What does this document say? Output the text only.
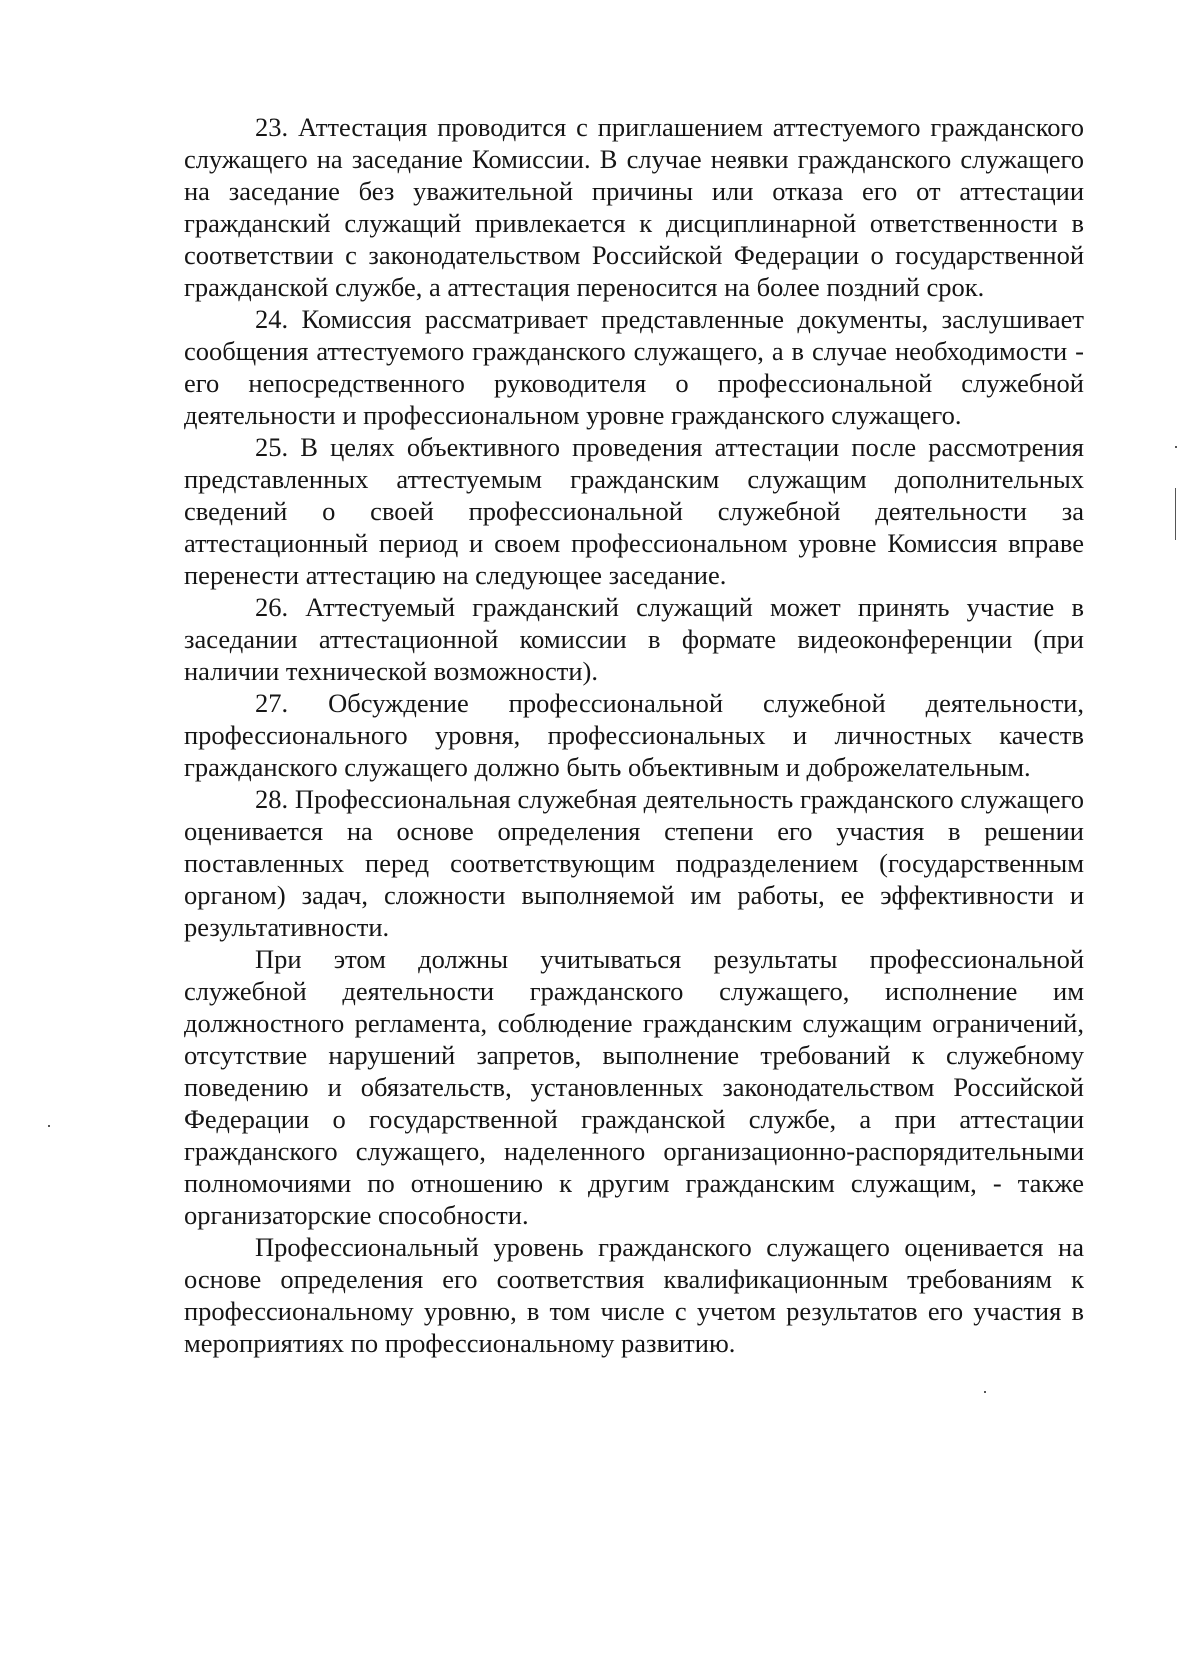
23. Аттестация проводится с приглашением аттестуемого гражданского служащего на заседание Комиссии. В случае неявки гражданского служащего на заседание без уважительной причины или отказа его от аттестации гражданский служащий привлекается к дисциплинарной ответственности в соответствии с законодательством Российской Федерации о государственной гражданской службе, а аттестация переносится на более поздний срок.

24. Комиссия рассматривает представленные документы, заслушивает сообщения аттестуемого гражданского служащего, а в случае необходимости - его непосредственного руководителя о профессиональной служебной деятельности и профессиональном уровне гражданского служащего.

25. В целях объективного проведения аттестации после рассмотрения представленных аттестуемым гражданским служащим дополнительных сведений о своей профессиональной служебной деятельности за аттестационный период и своем профессиональном уровне Комиссия вправе перенести аттестацию на следующее заседание.

26. Аттестуемый гражданский служащий может принять участие в заседании аттестационной комиссии в формате видеоконференции (при наличии технической возможности).

27. Обсуждение профессиональной служебной деятельности, профессионального уровня, профессиональных и личностных качеств гражданского служащего должно быть объективным и доброжелательным.

28. Профессиональная служебная деятельность гражданского служащего оценивается на основе определения степени его участия в решении поставленных перед соответствующим подразделением (государственным органом) задач, сложности выполняемой им работы, ее эффективности и результативности.

При этом должны учитываться результаты профессиональной служебной деятельности гражданского служащего, исполнение им должностного регламента, соблюдение гражданским служащим ограничений, отсутствие нарушений запретов, выполнение требований к служебному поведению и обязательств, установленных законодательством Российской Федерации о государственной гражданской службе, а при аттестации гражданского служащего, наделенного организационно-распорядительными полномочиями по отношению к другим гражданским служащим, - также организаторские способности.

Профессиональный уровень гражданского служащего оценивается на основе определения его соответствия квалификационным требованиям к профессиональному уровню, в том числе с учетом результатов его участия в мероприятиях по профессиональному развитию.
